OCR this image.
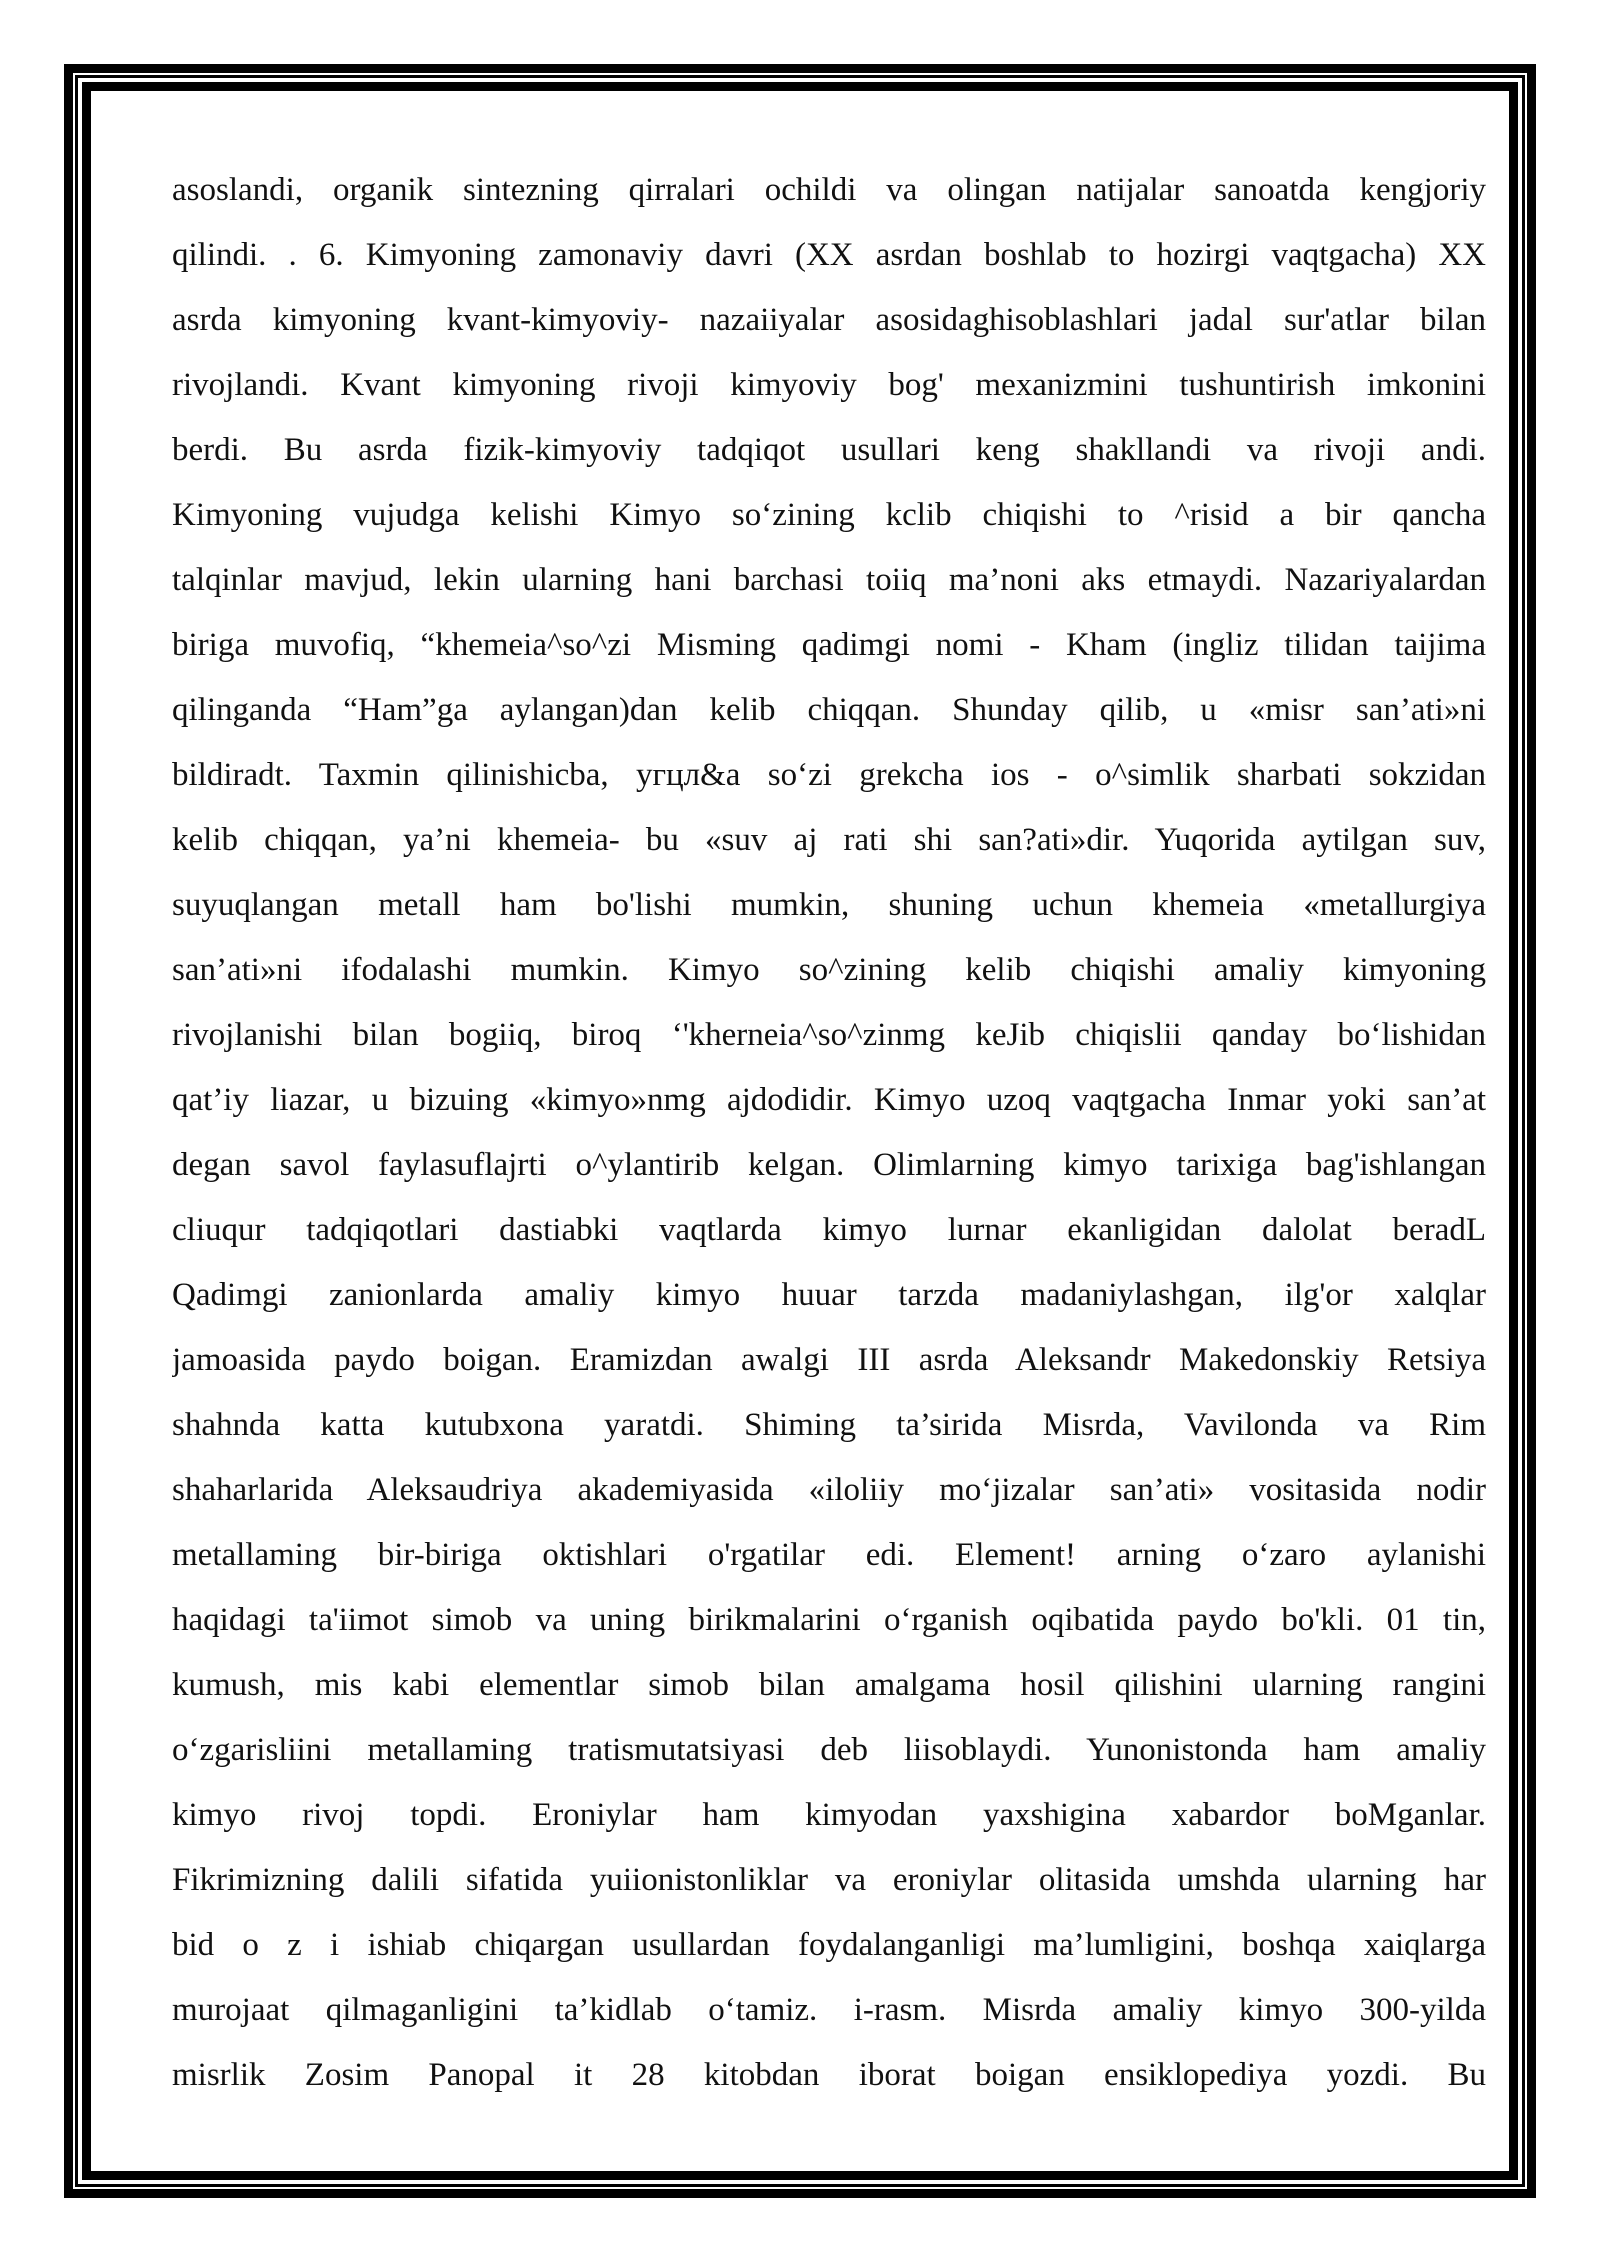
asoslandi, organik sintezning qirralari ochildi va olingan natijalar sanoatda kengjoriy
qilindi. . 6. Kimyoning zamonaviy davri (XX asrdan boshlab to hozirgi vaqtgacha) XX
asrda kimyoning kvant-kimyoviy- nazaiiyalar asosidaghisoblashlari jadal sur'atlar bilan
rivojlandi. Kvant kimyoning rivoji kimyoviy bog' mexanizmini tushuntirish imkonini
berdi. Bu asrda fizik-kimyoviy tadqiqot usullari keng shakllandi va rivoji andi.
Kimyoning vujudga kelishi Kimyo so‘zining kclib chiqishi to ^risid a bir qancha
talqinlar mavjud, lekin ularning hani barchasi toiiq ma’noni aks etmaydi. Nazariyalardan
biriga muvofiq, “khemeia^so^zi Misming qadimgi nomi - Kham (ingliz tilidan taijima
qilinganda “Ham”ga aylangan)dan kelib chiqqan. Shunday qilib, u «misr san’ati»ni
bildiradt. Taxmin qilinishicba, угцл&a so‘zi grekcha ios - o^simlik sharbati sokzidan
kelib chiqqan, ya’ni khemeia- bu «suv aj rati shi san?ati»dir. Yuqorida aytilgan suv,
suyuqlangan metall ham bo'lishi mumkin, shuning uchun khemeia «metallurgiya
san’ati»ni ifodalashi mumkin. Kimyo so^zining kelib chiqishi amaliy kimyoning
rivojlanishi bilan bogiiq, biroq ‘'kherneia^so^zinmg keJib chiqislii qanday bo‘lishidan
qat’iy liazar, u bizuing «kimyo»nmg ajdodidir. Kimyo uzoq vaqtgacha Inmar yoki san’at
degan savol faylasuflajrti o^ylantirib kelgan. Olimlarning kimyo tarixiga bag'ishlangan
cliuqur tadqiqotlari dastiabki vaqtlarda kimyo lurnar ekanligidan dalolat beradL
Qadimgi zanionlarda amaliy kimyo huuar tarzda madaniylashgan, ilg'or xalqlar
jamoasida paydo boigan. Eramizdan awalgi III asrda Aleksandr Makedonskiy Retsiya
shahnda katta kutubxona yaratdi. Shiming ta’sirida Misrda, Vavilonda va Rim
shaharlarida Aleksaudriya akademiyasida «iloliiy mo‘jizalar san’ati» vositasida nodir
metallaming bir-biriga oktishlari o'rgatilar edi. Element! arning o‘zaro aylanishi
haqidagi ta'iimot simob va uning birikmalarini o‘rganish oqibatida paydo bo'kli. 01 tin,
kumush, mis kabi elementlar simob bilan amalgama hosil qilishini ularning rangini
o‘zgarisliini metallaming tratismutatsiyasi deb liisoblaydi. Yunonistonda ham amaliy
kimyo rivoj topdi. Eroniylar ham kimyodan yaxshigina xabardor boMganlar.
Fikrimizning dalili sifatida yuiionistonliklar va eroniylar olitasida umshda ularning har
bid o z i ishiab chiqargan usullardan foydalanganligi ma’lumligini, boshqa xaiqlarga
murojaat qilmaganligini ta’kidlab o‘tamiz. i-rasm. Misrda amaliy kimyo 300-yilda
misrlik Zosim Panopal it 28 kitobdan iborat boigan ensiklopediya yozdi. Bu
